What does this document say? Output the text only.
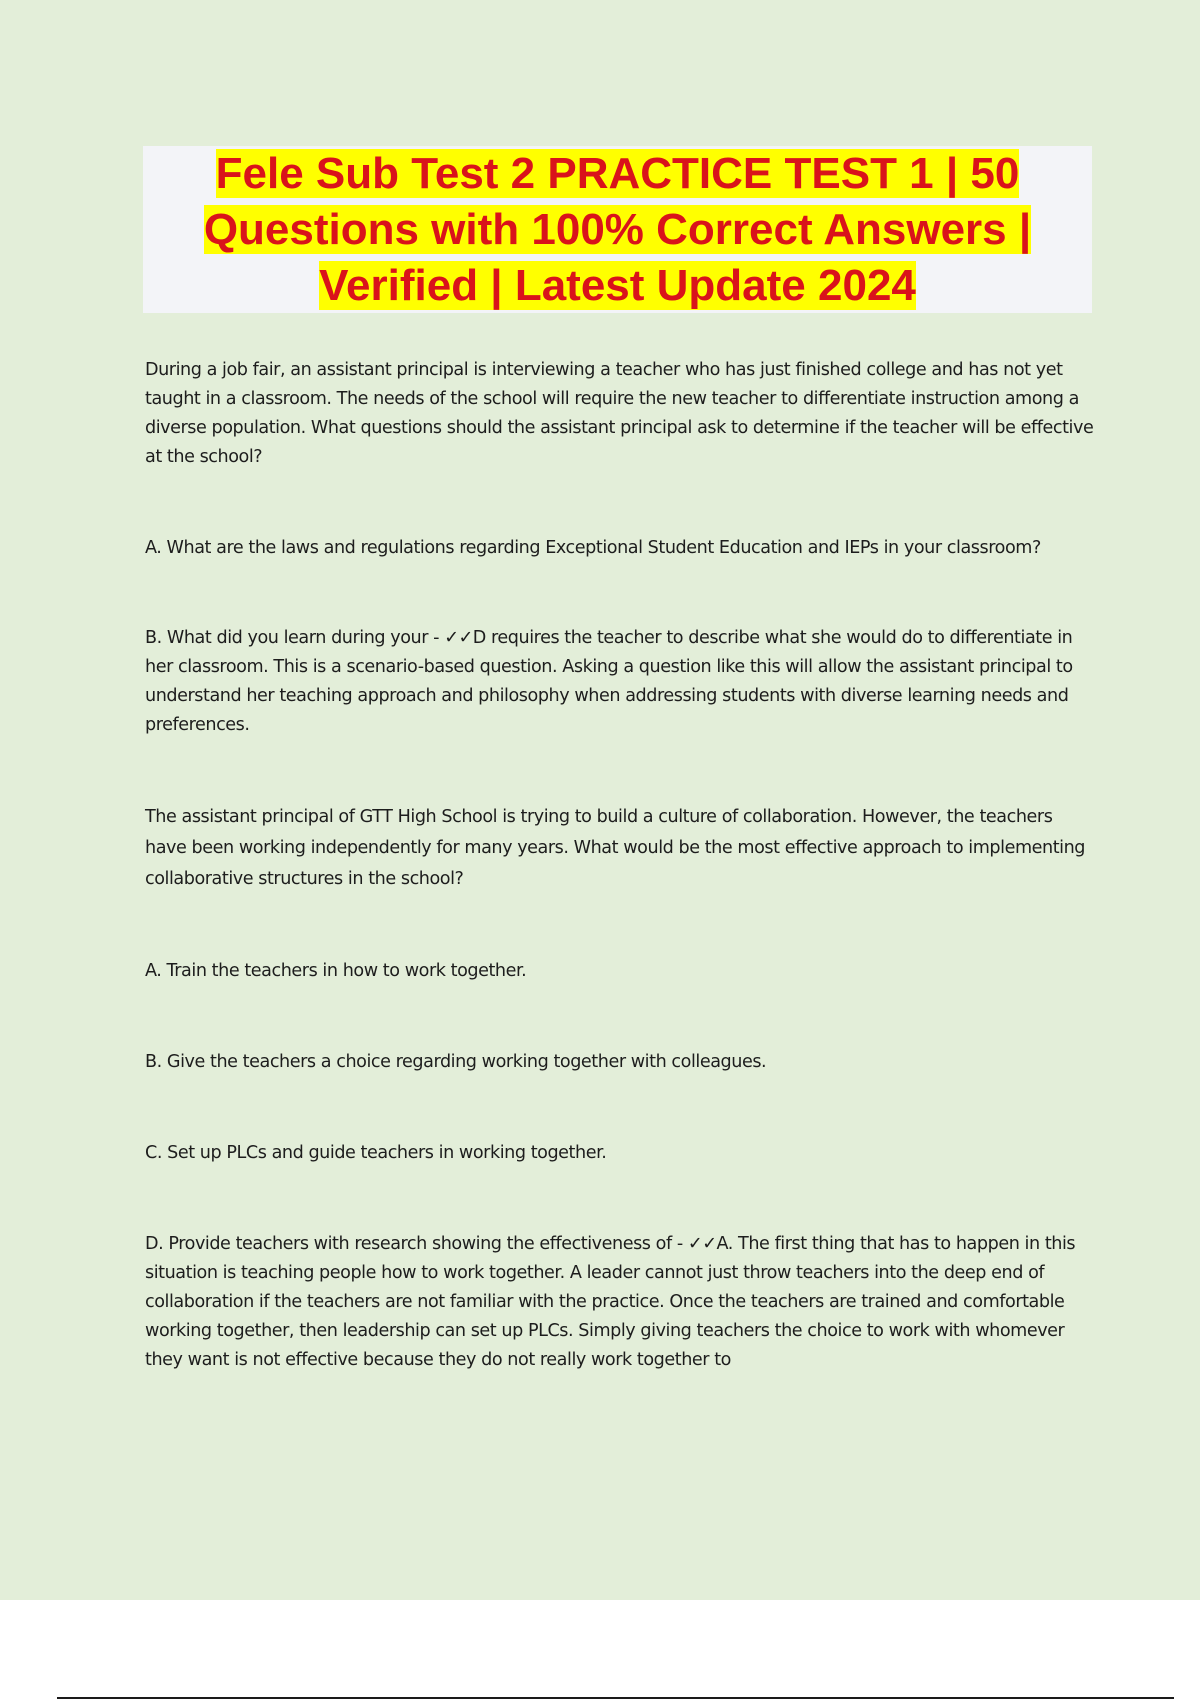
Fele Sub Test 2 PRACTICE TEST 1 | 50
Questions with 100% Correct Answers |
Verified | Latest Update 2024

During a job fair, an assistant principal is interviewing a teacher who has just finished college and has not yet taught in a classroom. The needs of the school will require the new teacher to differentiate instruction among a diverse population. What questions should the assistant principal ask to determine if the teacher will be effective at the school?

A. What are the laws and regulations regarding Exceptional Student Education and IEPs in your classroom?

B. What did you learn during your - ✓✓D requires the teacher to describe what she would do to differentiate in her classroom. This is a scenario-based question. Asking a question like this will allow the assistant principal to understand her teaching approach and philosophy when addressing students with diverse learning needs and preferences.

The assistant principal of GTT High School is trying to build a culture of collaboration. However, the teachers have been working independently for many years. What would be the most effective approach to implementing collaborative structures in the school?

A. Train the teachers in how to work together.

B. Give the teachers a choice regarding working together with colleagues.

C. Set up PLCs and guide teachers in working together.

D. Provide teachers with research showing the effectiveness of - ✓✓A. The first thing that has to happen in this situation is teaching people how to work together. A leader cannot just throw teachers into the deep end of collaboration if the teachers are not familiar with the practice. Once the teachers are trained and comfortable working together, then leadership can set up PLCs. Simply giving teachers the choice to work with whomever they want is not effective because they do not really work together to
